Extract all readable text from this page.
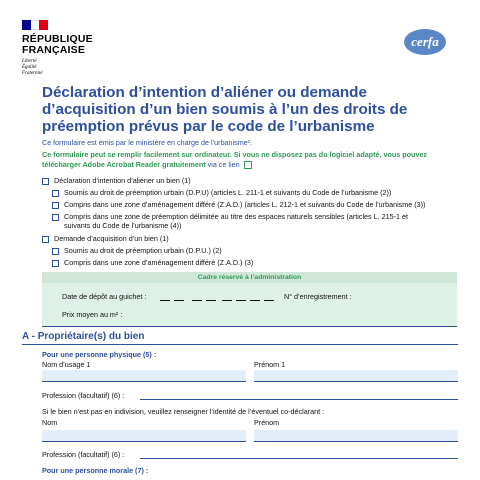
RÉPUBLIQUE
FRANÇAISE
Liberté
Égalité
Fraternité
cerfa
Déclaration d’intention d’aliéner ou demande d’acquisition d’un bien soumis à l’un des droits de préemption prévus par le code de l’urbanisme
Ce formulaire est émis par le ministère en charge de l’urbanisme¹.
Ce formulaire peut se remplir facilement sur ordinateur. Si vous ne disposez pas du logiciel adapté, vous pouvez télécharger Adobe Acrobat Reader gratuitement via ce lien
Déclaration d’intention d’aliéner un bien (1)
Soumis au droit de préemption urbain (D.P.U) (articles L. 211-1 et suivants du Code de l’urbanisme (2))
Compris dans une zone d’aménagement différé (Z.A.D.) (articles L. 212-1 et suivants du Code de l’urbanisme (3))
Compris dans une zone de préemption délimitée au titre des espaces naturels sensibles (articles L. 215-1 et suivants du Code de l’urbanisme (4))
Demande d’acquisition d’un bien (1)
Soumis au droit de préemption urbain (D.P.U.) (2)
Compris dans une zone d’aménagement différé (Z.A.D.) (3)
Cadre réservé à l’administration
Date de dépôt au guichet :	N° d’enregistrement :
Prix moyen au m² :
A - Propriétaire(s) du bien
Pour une personne physique (5) :
Nom d’usage 1	Prénom 1
Profession (facultatif) (6) :
Si le bien n’est pas en indivision, veuillez renseigner l’identité de l’éventuel co-déclarant :
Nom	Prénom
Profession (facultatif) (6) :
Pour une personne morale (7) :
